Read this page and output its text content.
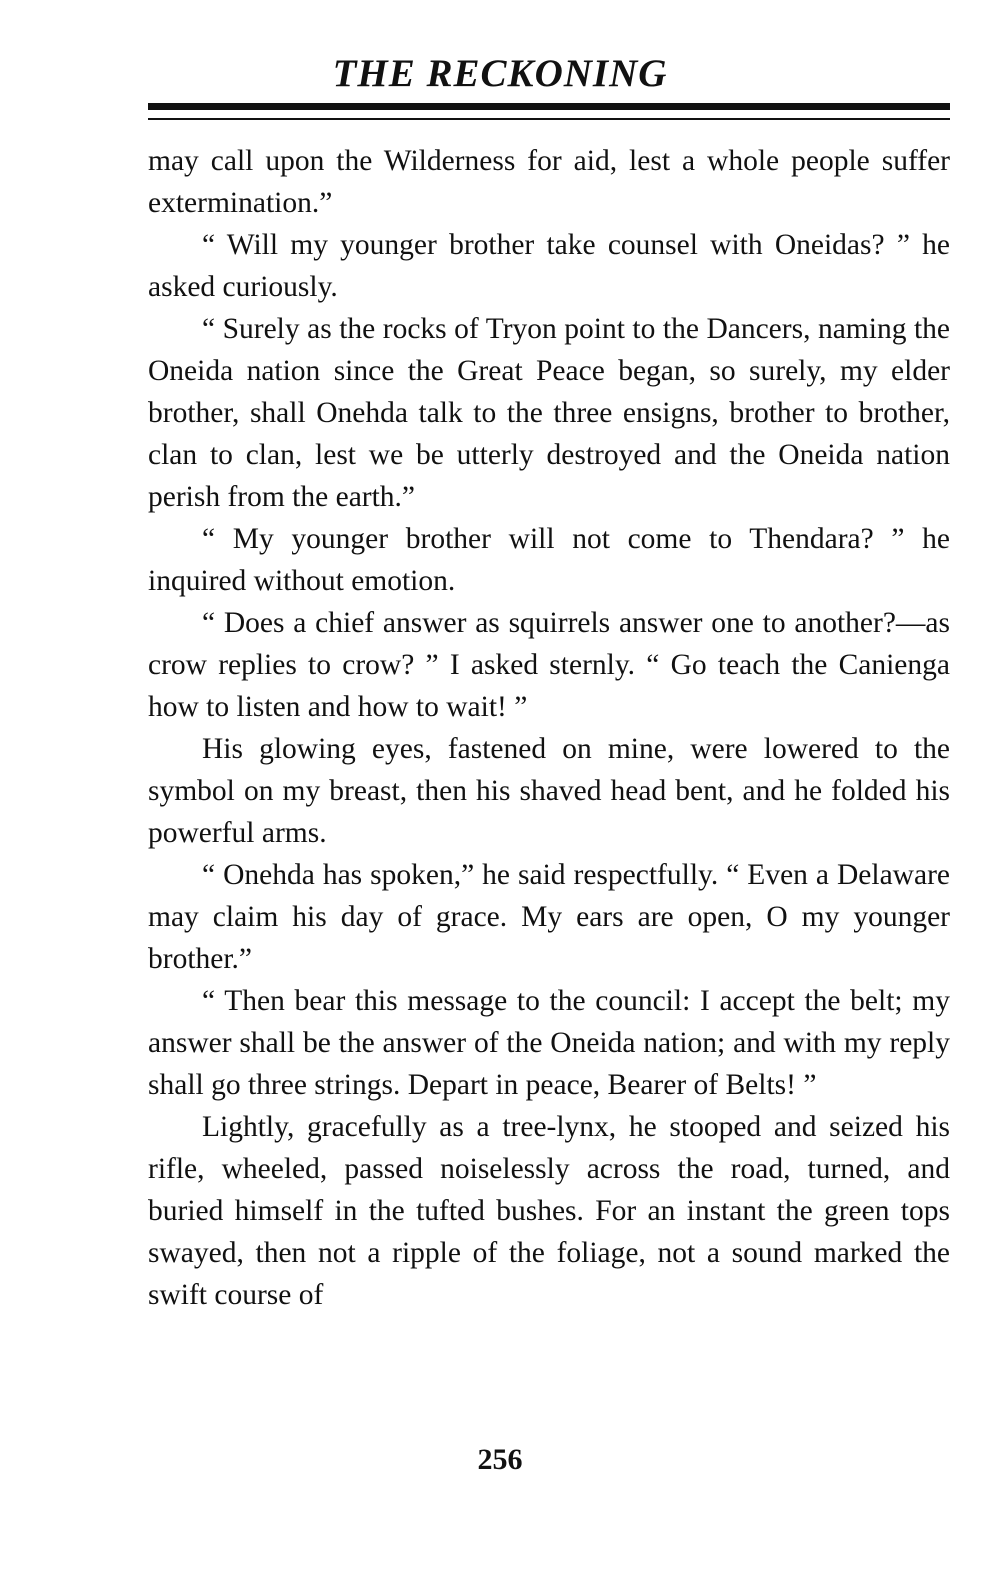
THE RECKONING

may call upon the Wilderness for aid, lest a whole people suffer extermination.”

“ Will my younger brother take counsel with Oneidas? ” he asked curiously.

“ Surely as the rocks of Tryon point to the Dancers, naming the Oneida nation since the Great Peace began, so surely, my elder brother, shall Onehda talk to the three ensigns, brother to brother, clan to clan, lest we be utterly destroyed and the Oneida nation perish from the earth.”

“ My younger brother will not come to Thendara? ” he inquired without emotion.

“ Does a chief answer as squirrels answer one to another?—as crow replies to crow? ” I asked sternly. “ Go teach the Canienga how to listen and how to wait! ”

His glowing eyes, fastened on mine, were lowered to the symbol on my breast, then his shaved head bent, and he folded his powerful arms.

“ Onehda has spoken,” he said respectfully. “ Even a Delaware may claim his day of grace. My ears are open, O my younger brother.”

“ Then bear this message to the council: I accept the belt; my answer shall be the answer of the Oneida nation; and with my reply shall go three strings. Depart in peace, Bearer of Belts! ”

Lightly, gracefully as a tree-lynx, he stooped and seized his rifle, wheeled, passed noiselessly across the road, turned, and buried himself in the tufted bushes. For an instant the green tops swayed, then not a ripple of the foliage, not a sound marked the swift course of

256
